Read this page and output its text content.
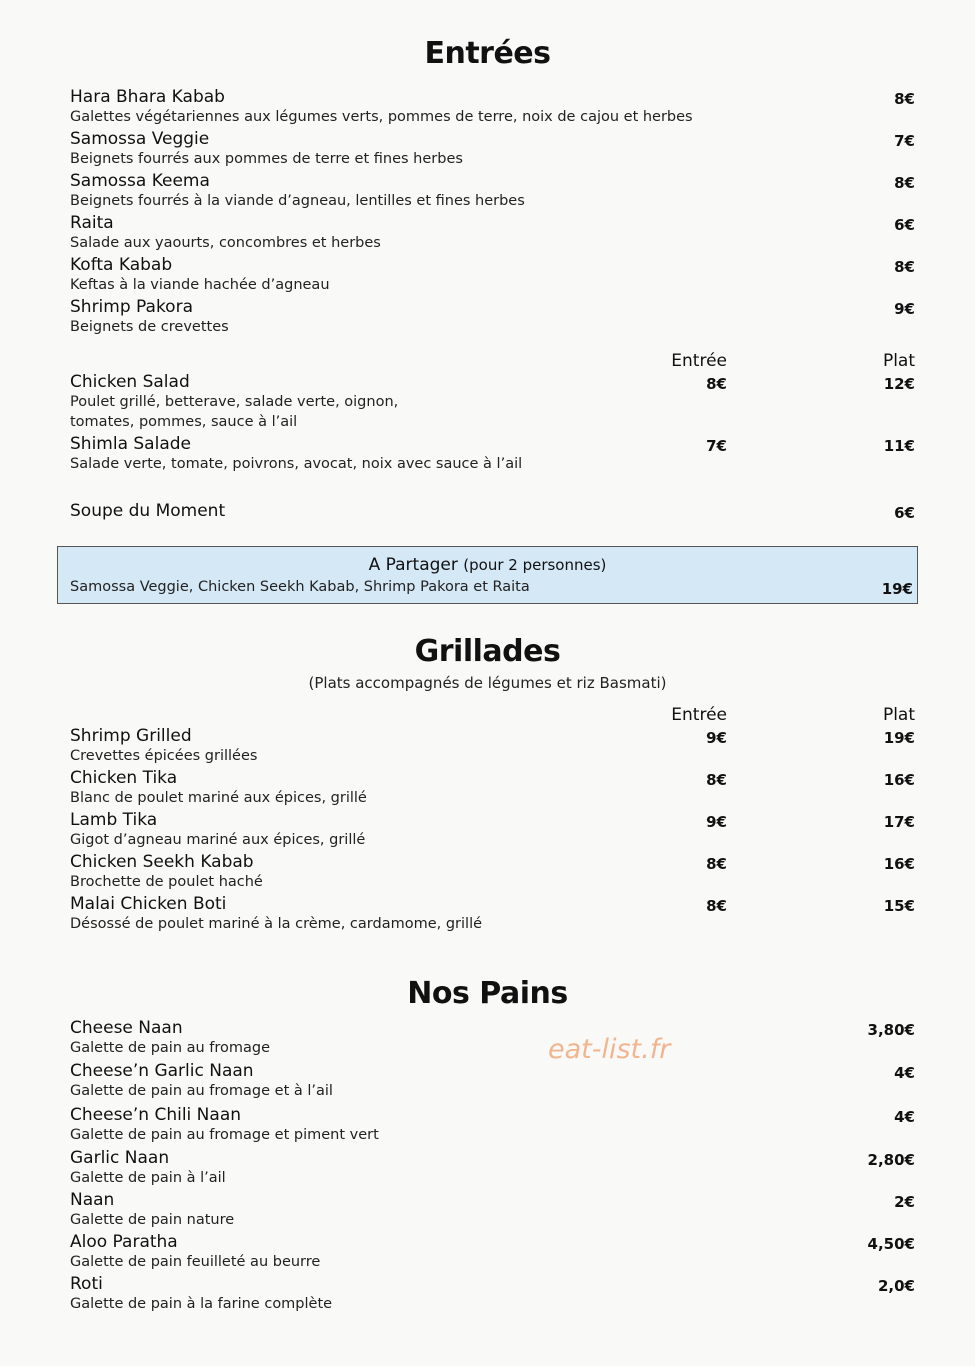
Entrées
Hara Bhara Kabab
Galettes végétariennes aux légumes verts, pommes de terre, noix de cajou et herbes
8€
Samossa Veggie
Beignets fourrés aux pommes de terre et fines herbes
7€
Samossa Keema
Beignets fourrés à la viande d’agneau, lentilles et fines herbes
8€
Raita
Salade aux yaourts, concombres et herbes
6€
Kofta Kabab
Keftas à la viande hachée d’agneau
8€
Shrimp Pakora
Beignets de crevettes
9€
Entrée	Plat
Chicken Salad
Poulet grillé, betterave, salade verte, oignon,
tomates, pommes, sauce à l’ail
8€	12€
Shimla Salade
Salade verte, tomate, poivrons, avocat, noix avec sauce à l’ail
7€	11€
Soupe du Moment	6€
A Partager (pour 2 personnes)
Samossa Veggie, Chicken Seekh Kabab, Shrimp Pakora et Raita	19€
Grillades
(Plats accompagnés de légumes et riz Basmati)
Entrée	Plat
Shrimp Grilled
Crevettes épicées grillées
9€	19€
Chicken Tika
Blanc de poulet mariné aux épices, grillé
8€	16€
Lamb Tika
Gigot d’agneau mariné aux épices, grillé
9€	17€
Chicken Seekh Kabab
Brochette de poulet haché
8€	16€
Malai Chicken Boti
Désossé de poulet mariné à la crème, cardamome, grillé
8€	15€
Nos Pains
Cheese Naan
Galette de pain au fromage
3,80€
Cheese’n Garlic Naan
Galette de pain au fromage et à l’ail
4€
Cheese’n Chili Naan
Galette de pain au fromage et piment vert
4€
Garlic Naan
Galette de pain à l’ail
2,80€
Naan
Galette de pain nature
2€
Aloo Paratha
Galette de pain feuilleté au beurre
4,50€
Roti
Galette de pain à la farine complète
2,0€
eat-list.fr
